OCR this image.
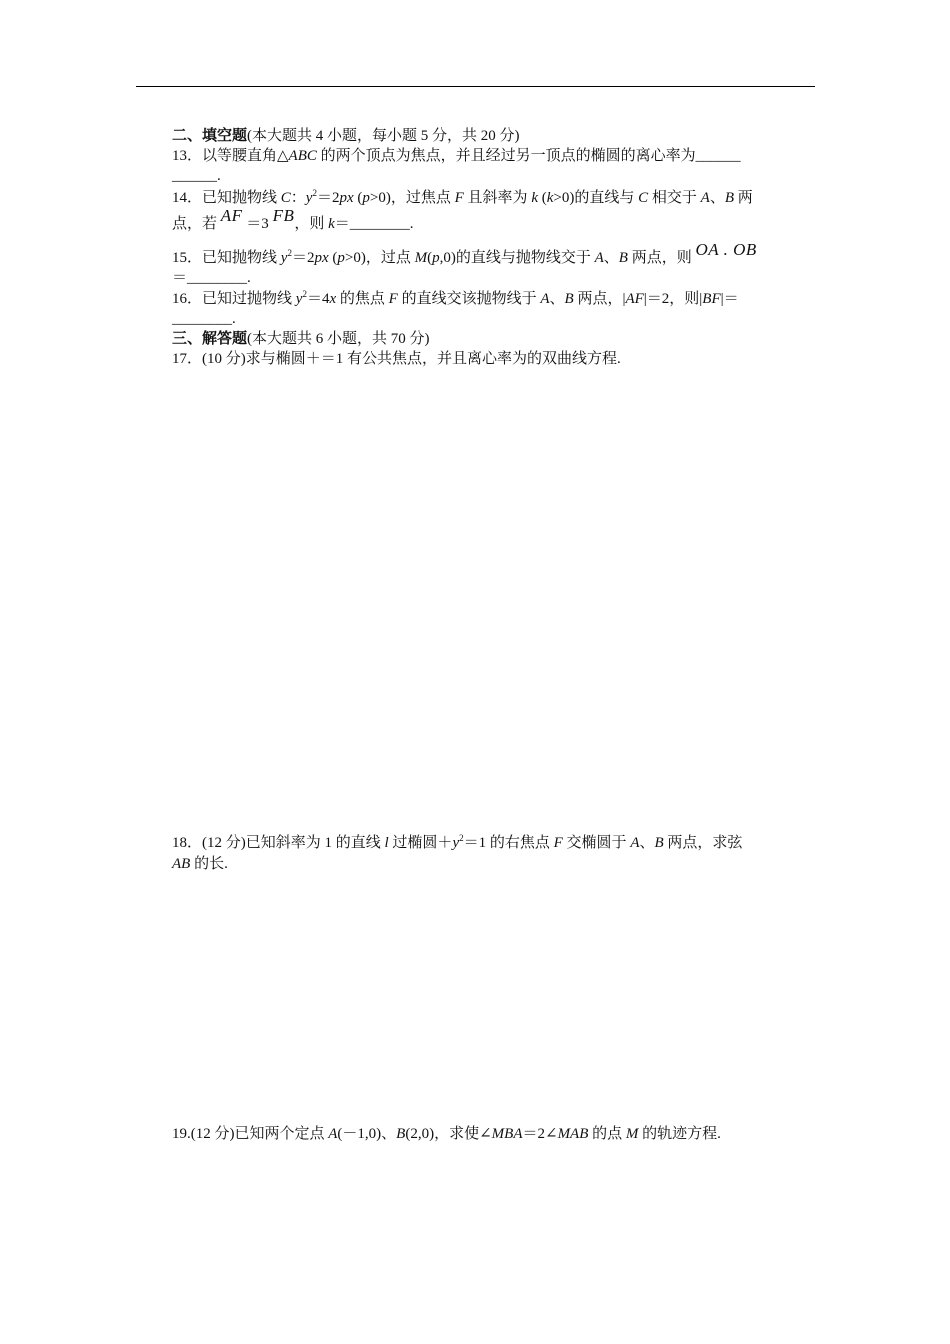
二、填空题(本大题共 4 小题，每小题 5 分，共 20 分)
13．以等腰直角△ABC 的两个顶点为焦点，并且经过另一顶点的椭圆的离心率为______
______.
14．已知抛物线 C：$y^2=2px$ (p>0)，过焦点 F 且斜率为 k (k>0)的直线与 C 相交于 A、B 两
点，若 AF ＝3 FB，则 k＝________.
15．已知抛物线 $y^2=2px$ (p>0)，过点 M(p,0)的直线与抛物线交于 A、B 两点，则 OA . OB
＝________.
16．已知过抛物线 $y^2=4x$ 的焦点 F 的直线交该抛物线于 A、B 两点，|AF|＝2，则|BF|＝
________.
三、解答题(本大题共 6 小题，共 70 分)
17．(10 分)求与椭圆＋＝1 有公共焦点，并且离心率为的双曲线方程.
18．(12 分)已知斜率为 1 的直线 l 过椭圆$+y^2=1$ 的右焦点 F 交椭圆于 A、B 两点，求弦
AB 的长.
19.(12 分)已知两个定点 A(－1,0)、B(2,0)，求使∠MBA＝2∠MAB 的点 M 的轨迹方程.
